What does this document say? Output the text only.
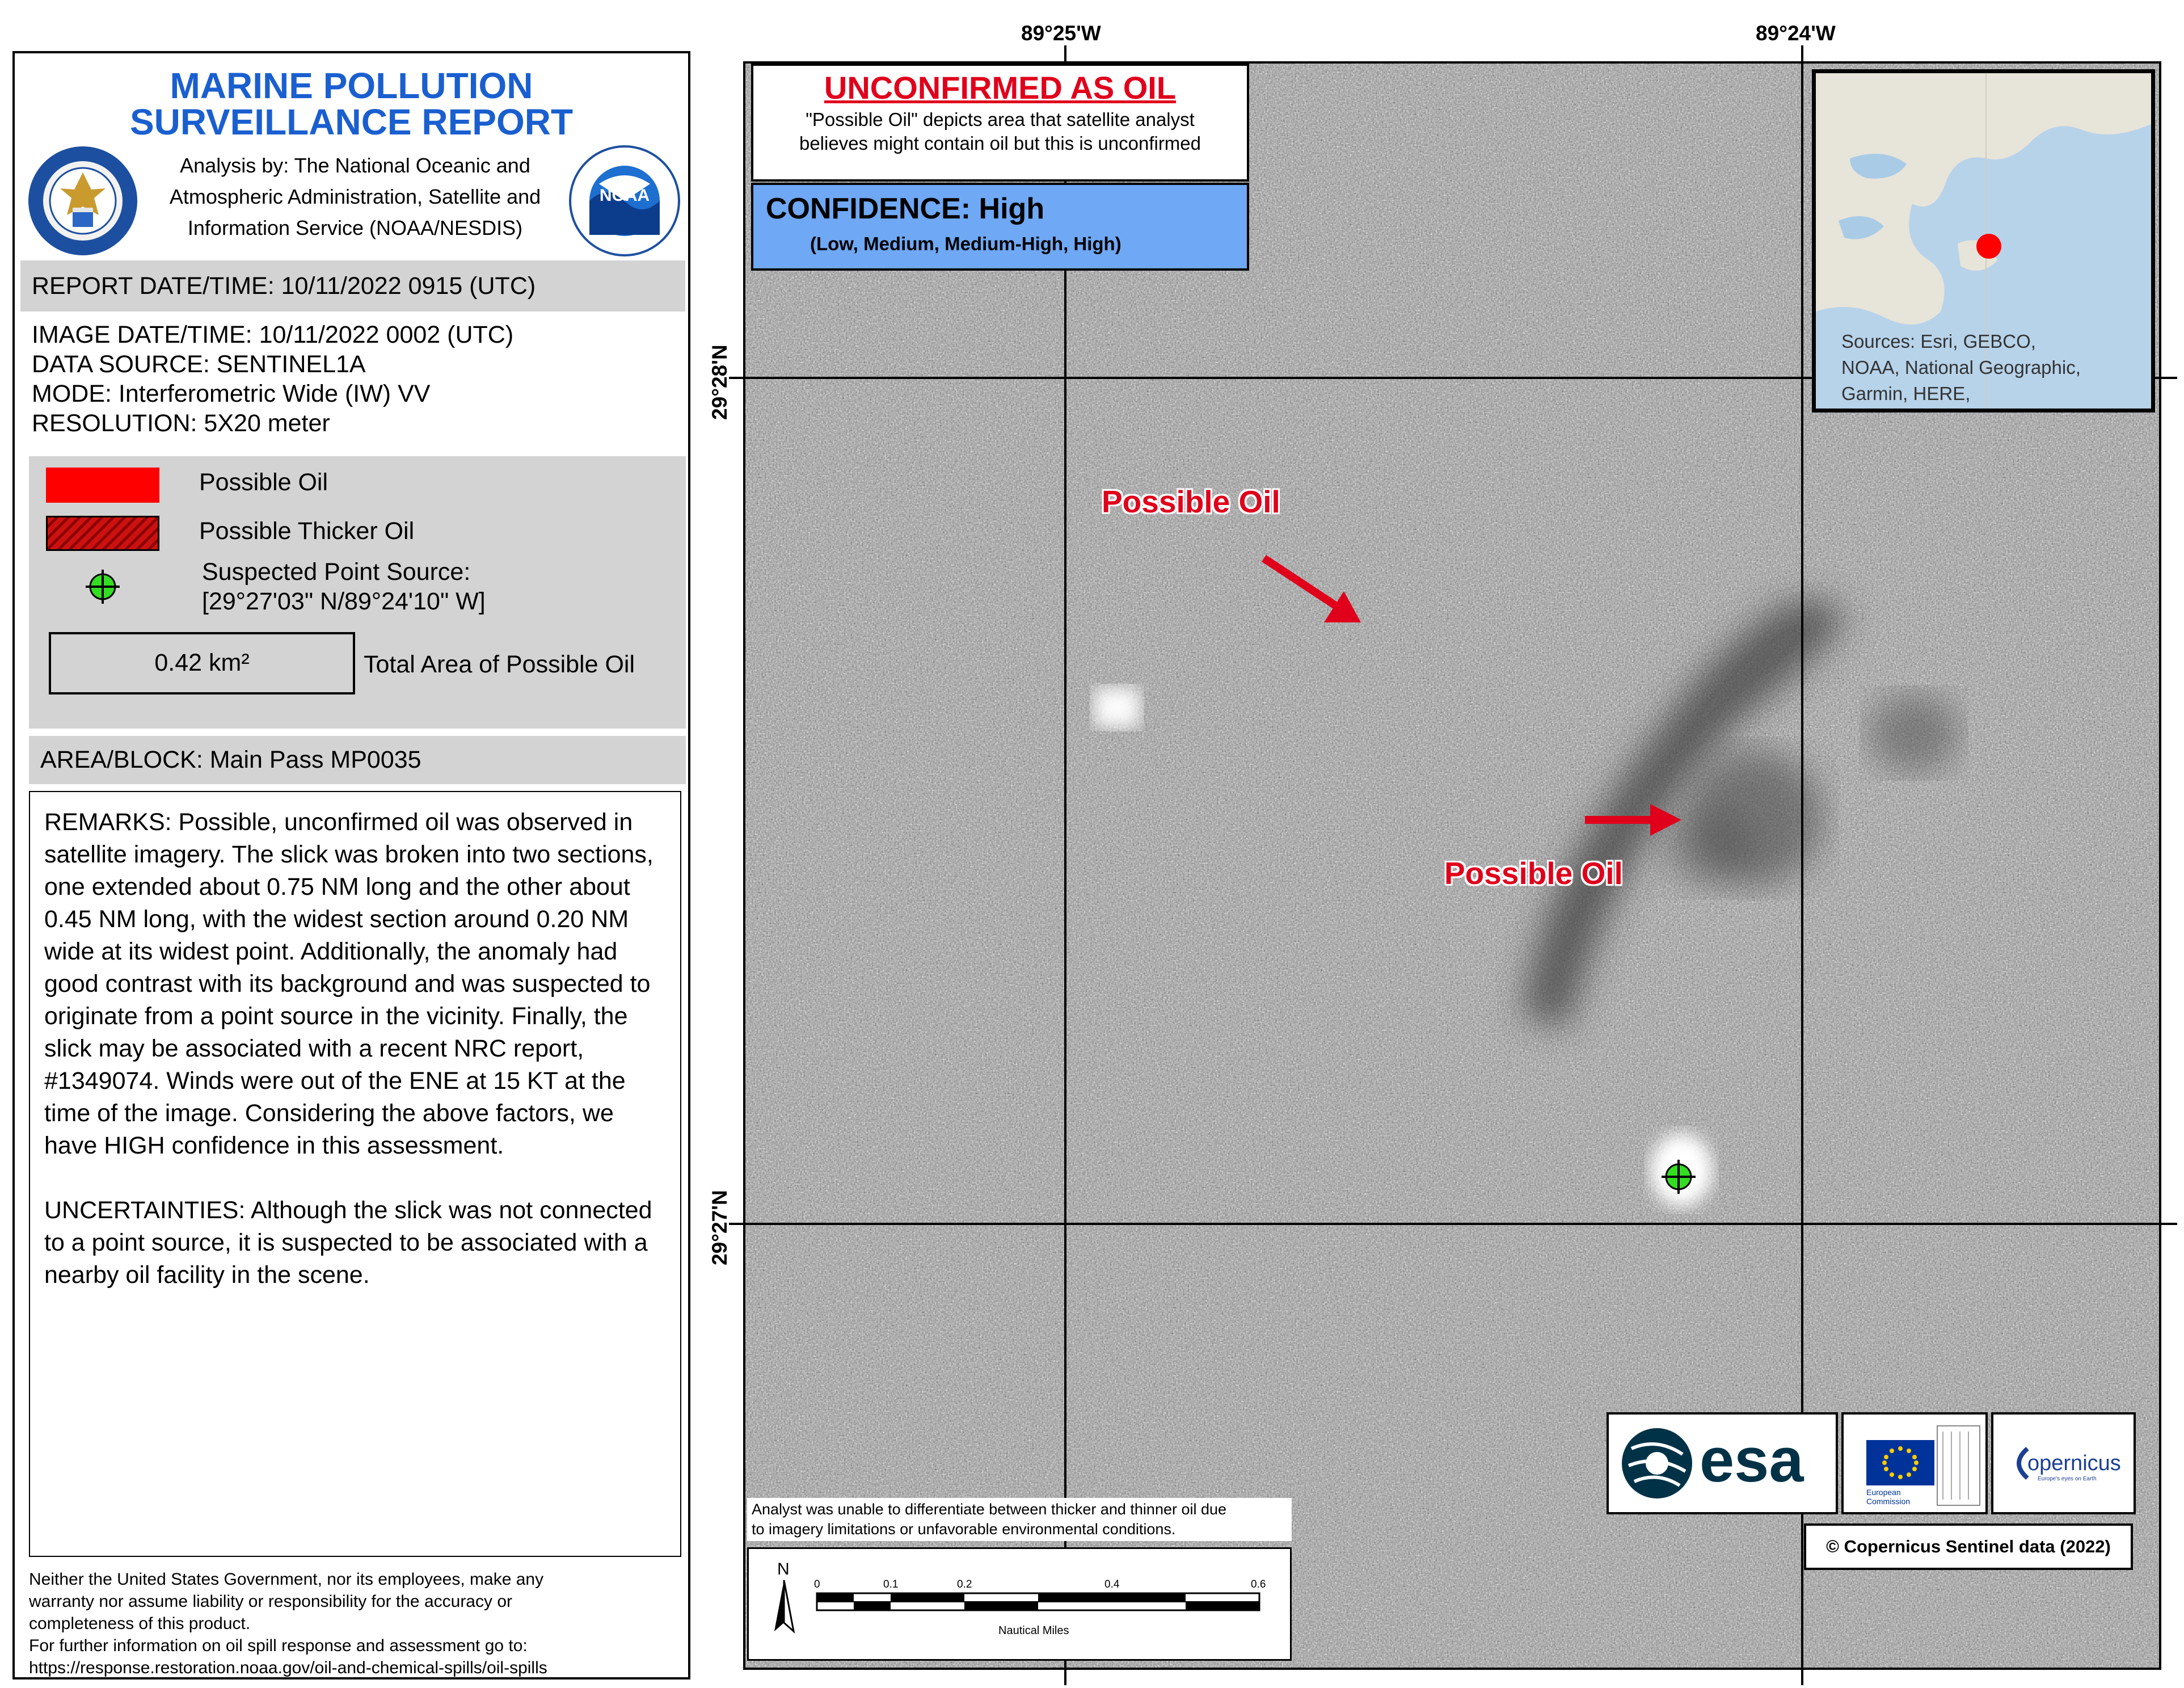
MARINE POLLUTION
SURVEILLANCE REPORT
NOAA
Analysis by: The National Oceanic and
Atmospheric Administration, Satellite and
Information Service (NOAA/NESDIS)
REPORT DATE/TIME: 10/11/2022 0915 (UTC)
IMAGE DATE/TIME: 10/11/2022 0002 (UTC)
DATA SOURCE: SENTINEL1A
MODE: Interferometric Wide (IW) VV
RESOLUTION: 5X20 meter
Possible Oil
Possible Thicker Oil
Suspected Point Source:
[29°27'03" N/89°24'10" W]
0.42 km²	Total Area of Possible Oil
AREA/BLOCK: Main Pass MP0035

REMARKS: Possible, unconfirmed oil was observed in satellite imagery. The slick was broken into two sections, one extended about 0.75 NM long and the other about 0.45 NM long, with the widest section around 0.20 NM wide at its widest point. Additionally, the anomaly had good contrast with its background and was suspected to originate from a point source in the vicinity. Finally, the slick may be associated with a recent NRC report, #1349074. Winds were out of the ENE at 15 KT at the time of the image. Considering the above factors, we have HIGH confidence in this assessment.

UNCERTAINTIES: Although the slick was not connected to a point source, it is suspected to be associated with a nearby oil facility in the scene.

Neither the United States Government, nor its employees, make any
warranty nor assume liability or responsibility for the accuracy or
completeness of this product.
For further information on oil spill response and assessment go to:
https://response.restoration.noaa.gov/oil-and-chemical-spills/oil-spills
89°25'W	89°24'W
29°28'N
29°27'N
Possible Oil
Possible Oil
UNCONFIRMED AS OIL
"Possible Oil" depicts area that satellite analyst
believes might contain oil but this is unconfirmed
CONFIDENCE: High
(Low, Medium, Medium-High, High)
Sources: Esri, GEBCO,
NOAA, National Geographic,
Garmin, HERE,
esa	European
Commission
opernicus
Europe's eyes on Earth
© Copernicus Sentinel data (2022)
Analyst was unable to differentiate between thicker and thinner oil due
to imagery limitations or unfavorable environmental conditions.
N
0	0.1	0.2	0.4	0.6
Nautical Miles
